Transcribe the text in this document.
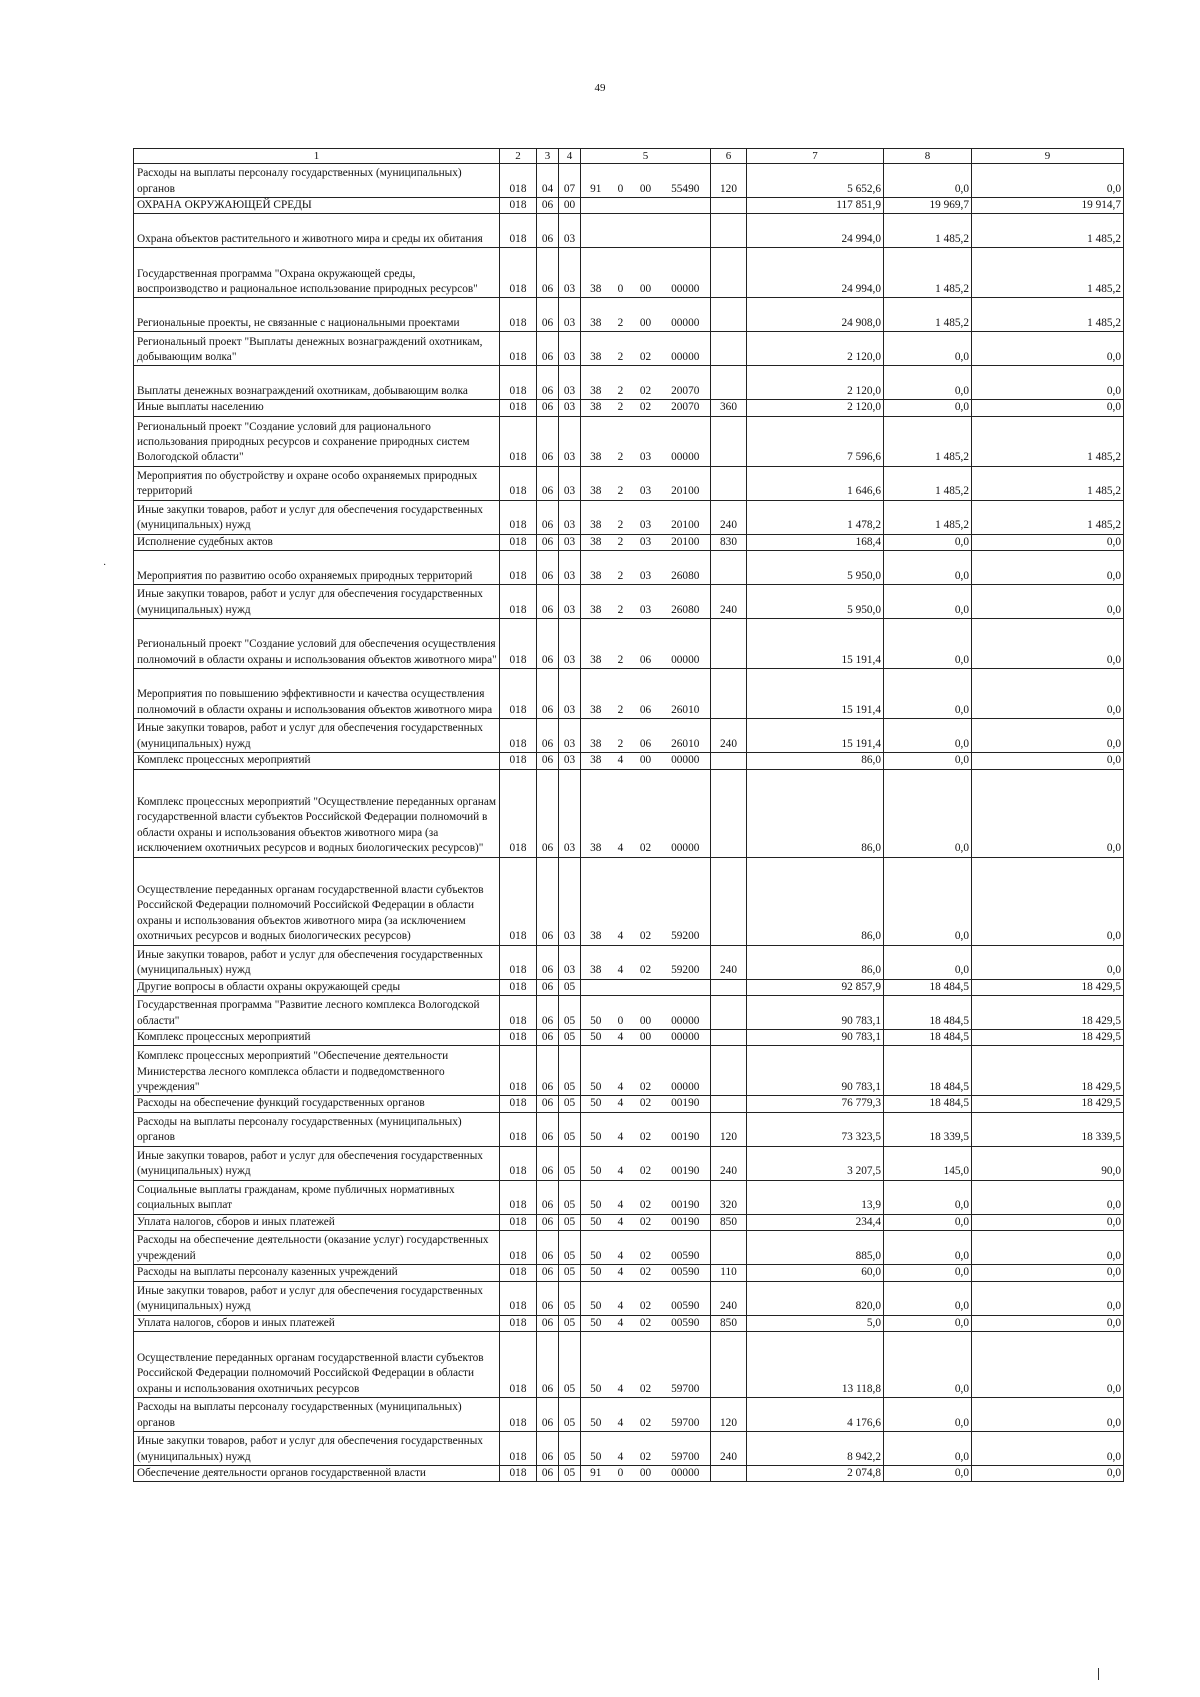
49
·
1	2	3	4	5				6	7	8	9
Расходы на выплаты персоналу государственных (муниципальных) органов	018	04	07	91	0	00	55490	120	5 652,6	0,0	0,0
ОХРАНА ОКРУЖАЮЩЕЙ СРЕДЫ	018	06	00						117 851,9	19 969,7	19 914,7
Охрана объектов растительного и животного мира и среды их обитания	018	06	03						24 994,0	1 485,2	1 485,2
Государственная программа "Охрана окружающей среды, воспроизводство и рациональное использование природных ресурсов"	018	06	03	38	0	00	00000		24 994,0	1 485,2	1 485,2
Региональные проекты, не связанные с национальными проектами	018	06	03	38	2	00	00000		24 908,0	1 485,2	1 485,2
Региональный проект "Выплаты денежных вознаграждений охотникам, добывающим волка"	018	06	03	38	2	02	00000		2 120,0	0,0	0,0
Выплаты денежных вознаграждений охотникам, добывающим волка	018	06	03	38	2	02	20070		2 120,0	0,0	0,0
Иные выплаты населению	018	06	03	38	2	02	20070	360	2 120,0	0,0	0,0
Региональный проект "Создание условий для рационального использования природных ресурсов и сохранение природных систем Вологодской области"	018	06	03	38	2	03	00000		7 596,6	1 485,2	1 485,2
Мероприятия по обустройству и охране особо охраняемых природных территорий	018	06	03	38	2	03	20100		1 646,6	1 485,2	1 485,2
Иные закупки товаров, работ и услуг для обеспечения государственных (муниципальных) нужд	018	06	03	38	2	03	20100	240	1 478,2	1 485,2	1 485,2
Исполнение судебных актов	018	06	03	38	2	03	20100	830	168,4	0,0	0,0
Мероприятия по развитию особо охраняемых природных территорий	018	06	03	38	2	03	26080		5 950,0	0,0	0,0
Иные закупки товаров, работ и услуг для обеспечения государственных (муниципальных) нужд	018	06	03	38	2	03	26080	240	5 950,0	0,0	0,0
Региональный проект "Создание условий для обеспечения осуществления полномочий в области охраны и использования объектов животного мира"	018	06	03	38	2	06	00000		15 191,4	0,0	0,0
Мероприятия по повышению эффективности и качества осуществления полномочий в области охраны и использования объектов животного мира	018	06	03	38	2	06	26010		15 191,4	0,0	0,0
Иные закупки товаров, работ и услуг для обеспечения государственных (муниципальных) нужд	018	06	03	38	2	06	26010	240	15 191,4	0,0	0,0
Комплекс процессных мероприятий	018	06	03	38	4	00	00000		86,0	0,0	0,0
Комплекс процессных мероприятий "Осуществление переданных органам государственной власти субъектов Российской Федерации полномочий в области охраны и использования объектов животного мира (за исключением охотничьих ресурсов и водных биологических ресурсов)"	018	06	03	38	4	02	00000		86,0	0,0	0,0
Осуществление переданных органам государственной власти субъектов Российской Федерации полномочий Российской Федерации в области охраны и использования объектов животного мира (за исключением охотничьих ресурсов и водных биологических ресурсов)	018	06	03	38	4	02	59200		86,0	0,0	0,0
Иные закупки товаров, работ и услуг для обеспечения государственных (муниципальных) нужд	018	06	03	38	4	02	59200	240	86,0	0,0	0,0
Другие вопросы в области охраны окружающей среды	018	06	05						92 857,9	18 484,5	18 429,5
Государственная программа "Развитие лесного комплекса Вологодской области"	018	06	05	50	0	00	00000		90 783,1	18 484,5	18 429,5
Комплекс процессных мероприятий	018	06	05	50	4	00	00000		90 783,1	18 484,5	18 429,5
Комплекс процессных мероприятий "Обеспечение деятельности Министерства лесного комплекса области и подведомственного учреждения"	018	06	05	50	4	02	00000		90 783,1	18 484,5	18 429,5
Расходы на обеспечение функций государственных органов	018	06	05	50	4	02	00190		76 779,3	18 484,5	18 429,5
Расходы на выплаты персоналу государственных (муниципальных) органов	018	06	05	50	4	02	00190	120	73 323,5	18 339,5	18 339,5
Иные закупки товаров, работ и услуг для обеспечения государственных (муниципальных) нужд	018	06	05	50	4	02	00190	240	3 207,5	145,0	90,0
Социальные выплаты гражданам, кроме публичных нормативных социальных выплат	018	06	05	50	4	02	00190	320	13,9	0,0	0,0
Уплата налогов, сборов и иных платежей	018	06	05	50	4	02	00190	850	234,4	0,0	0,0
Расходы на обеспечение деятельности (оказание услуг) государственных учреждений	018	06	05	50	4	02	00590		885,0	0,0	0,0
Расходы на выплаты персоналу казенных учреждений	018	06	05	50	4	02	00590	110	60,0	0,0	0,0
Иные закупки товаров, работ и услуг для обеспечения государственных (муниципальных) нужд	018	06	05	50	4	02	00590	240	820,0	0,0	0,0
Уплата налогов, сборов и иных платежей	018	06	05	50	4	02	00590	850	5,0	0,0	0,0
Осуществление переданных органам государственной власти субъектов Российской Федерации полномочий Российской Федерации в области охраны и использования охотничьих ресурсов	018	06	05	50	4	02	59700		13 118,8	0,0	0,0
Расходы на выплаты персоналу государственных (муниципальных) органов	018	06	05	50	4	02	59700	120	4 176,6	0,0	0,0
Иные закупки товаров, работ и услуг для обеспечения государственных (муниципальных) нужд	018	06	05	50	4	02	59700	240	8 942,2	0,0	0,0
Обеспечение деятельности органов государственной власти	018	06	05	91	0	00	00000		2 074,8	0,0	0,0
